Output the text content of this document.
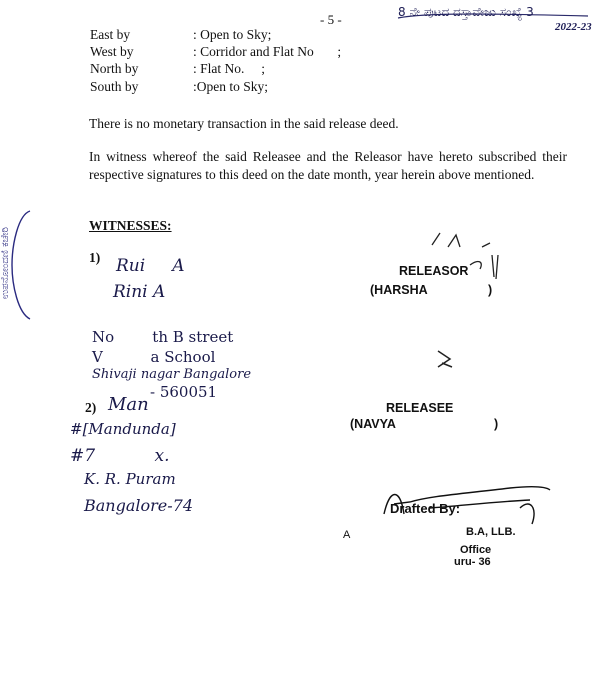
- 5 -	8 ನೇ ಪುಟದ ದಸ್ತಾವೇಜು ಸಂಖ್ಯೆ 3
2022-23
ಉಪನೋಂದಣಿ ಕಚೇರಿ
East by	: Open to Sky;
West by	: Corridor and Flat No       ;
North by	: Flat No.     ;
South by	:Open to Sky;
There is no monetary transaction in the said release deed.
In witness whereof the said Releasee and the Releasor have hereto subscribed their respective signatures to this deed on the date month, year herein above mentioned.
WITNESSES:
1) Rui     A
Rini A
No        th B street
V          a School
Shivaji nagar Bangalore
- 560051
2) Man
#[Mandunda]
#7           x.
K. R. Puram
Bangalore-74
RELEASOR
(HARSHA	)
RELEASEE
(NAVYA	)
Drafted By:
A	B.A, LLB.
Office
uru- 36
